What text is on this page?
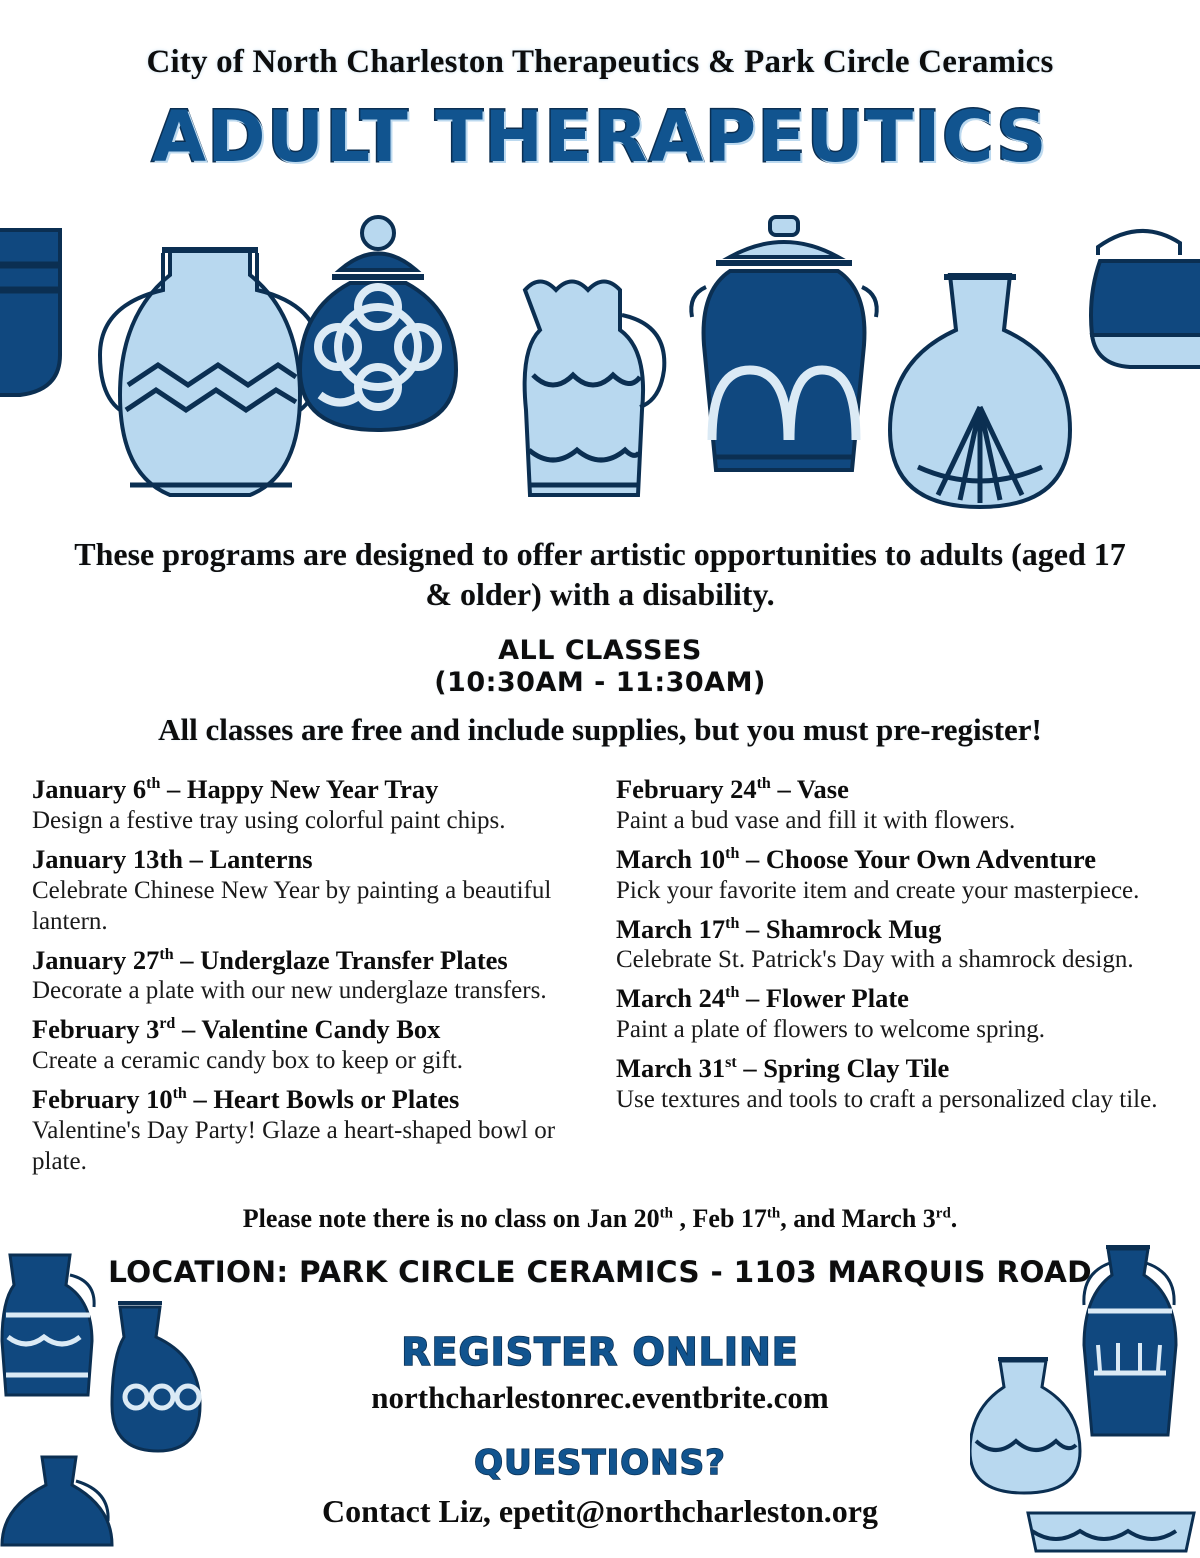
City of North Charleston Therapeutics & Park Circle Ceramics
ADULT THERAPEUTICS
These programs are designed to offer artistic opportunities to adults (aged 17 & older) with a disability.
ALL CLASSES
(10:30AM - 11:30AM)
All classes are free and include supplies, but you must pre-register!
January 6th – Happy New Year Tray
Design a festive tray using colorful paint chips.
January 13th – Lanterns
Celebrate Chinese New Year by painting a beautiful lantern.
January 27th – Underglaze Transfer Plates
Decorate a plate with our new underglaze transfers.
February 3rd – Valentine Candy Box
Create a ceramic candy box to keep or gift.
February 10th – Heart Bowls or Plates
Valentine's Day Party! Glaze a heart-shaped bowl or plate.
February 24th – Vase
Paint a bud vase and fill it with flowers.
March 10th – Choose Your Own Adventure
Pick your favorite item and create your masterpiece.
March 17th – Shamrock Mug
Celebrate St. Patrick's Day with a shamrock design.
March 24th – Flower Plate
Paint a plate of flowers to welcome spring.
March 31st – Spring Clay Tile
Use textures and tools to craft a personalized clay tile.
Please note there is no class on Jan 20th , Feb 17th, and March 3rd.
LOCATION: PARK CIRCLE CERAMICS - 1103 MARQUIS ROAD
REGISTER ONLINE
northcharlestonrec.eventbrite.com
QUESTIONS?
Contact Liz, epetit@northcharleston.org
